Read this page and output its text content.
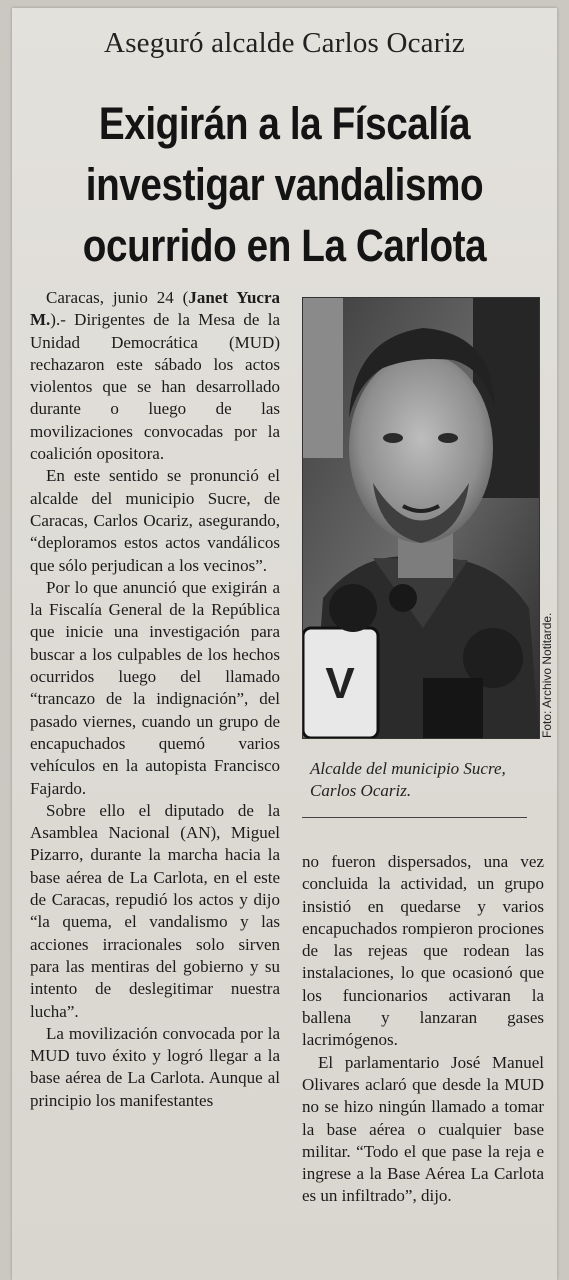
Aseguró alcalde Carlos Ocariz
Exigirán a la Físcalía
investigar vandalismo
ocurrido en La Carlota

Caracas, junio 24 (Janet Yucra M.).- Dirigentes de la Mesa de la Unidad Democrática (MUD) rechazaron este sábado los actos violentos que se han desarrollado durante o luego de las movilizaciones convocadas por la coalición opositora.

En este sentido se pronunció el alcalde del municipio Sucre, de Caracas, Carlos Ocariz, asegurando, “deploramos estos actos vandálicos que sólo perjudican a los vecinos”.

Por lo que anunció que exigirán a la Fiscalía General de la República que inicie una investigación para buscar a los culpables de los hechos ocurridos luego del llamado “trancazo de la indignación”, del pasado viernes, cuando un grupo de encapuchados quemó varios vehículos en la autopista Francisco Fajardo.

Sobre ello el diputado de la Asamblea Nacional (AN), Miguel Pizarro, durante la marcha hacia la base aérea de La Carlota, en el este de Caracas, repudió los actos y dijo “la quema, el vandalismo y las acciones irracionales solo sirven para las mentiras del gobierno y su intento de deslegitimar nuestra lucha”.

La movilización convocada por la MUD tuvo éxito y logró llegar a la base aérea de La Carlota. Aunque al principio los manifestantes

V	Foto: Archivo Notitarde.
Alcalde del municipio Sucre, Carlos Ocariz.

no fueron dispersados, una vez concluida la actividad, un grupo insistió en quedarse y varios encapuchados rompieron prociones de las rejeas que rodean las instalaciones, lo que ocasionó que los funcionarios activaran la ballena y lanzaran gases lacrimógenos.

El parlamentario José Manuel Olivares aclaró que desde la MUD no se hizo ningún llamado a tomar la base aérea o cualquier base militar. “Todo el que pase la reja e ingrese a la Base Aérea La Carlota es un infiltrado”, dijo.
